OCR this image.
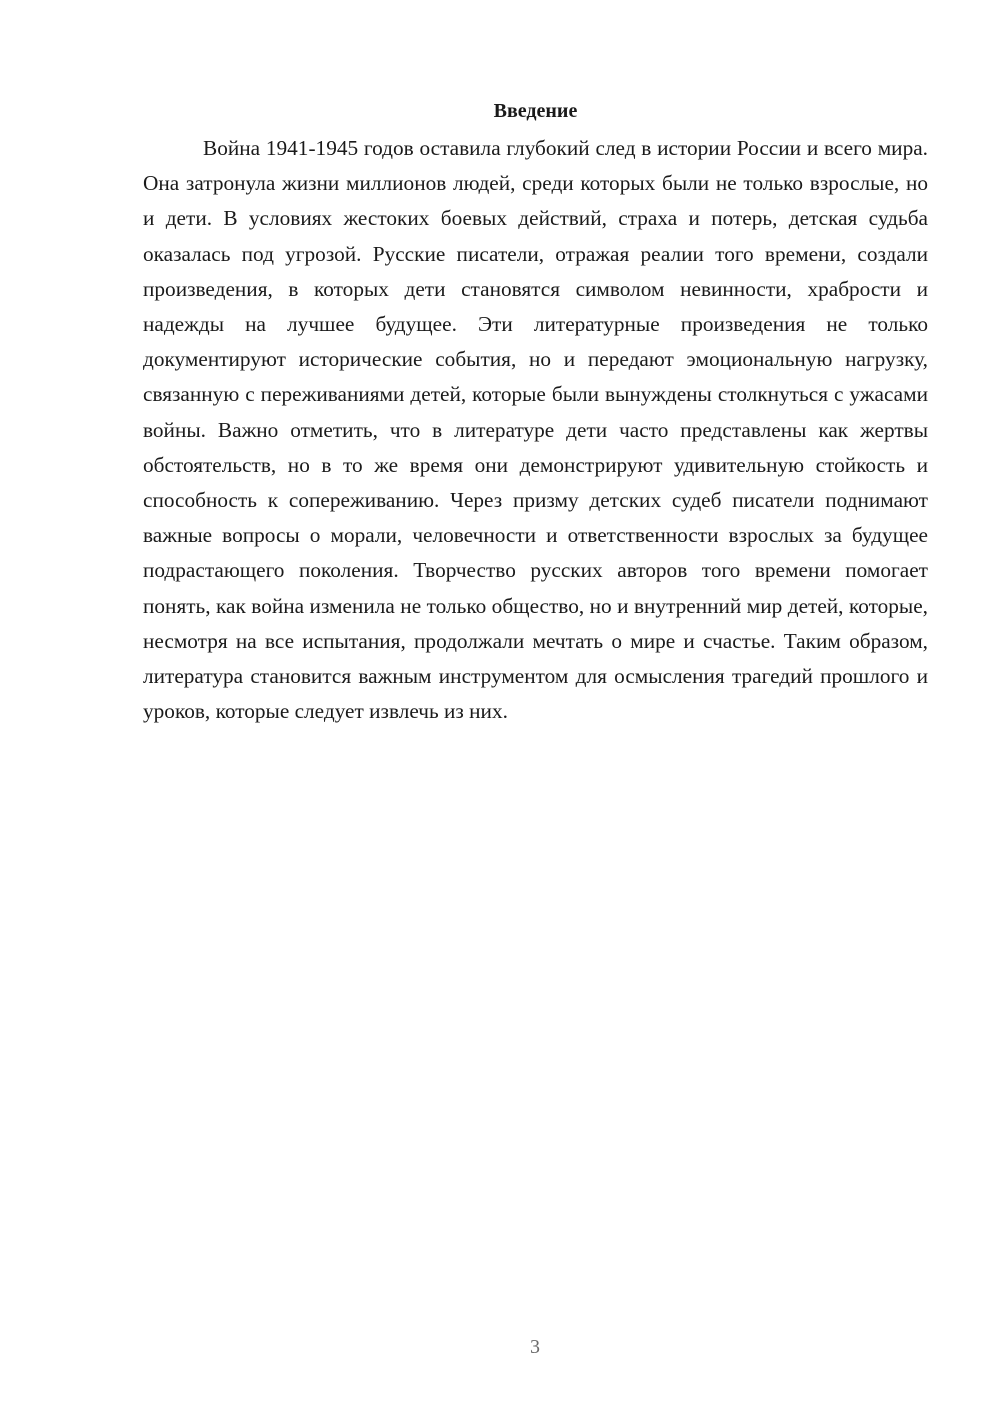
Введение

Война 1941-1945 годов оставила глубокий след в истории России и всего мира. Она затронула жизни миллионов людей, среди которых были не только взрослые, но и дети. В условиях жестоких боевых действий, страха и потерь, детская судьба оказалась под угрозой. Русские писатели, отражая реалии того времени, создали произведения, в которых дети становятся символом невинности, храбрости и надежды на лучшее будущее. Эти литературные произведения не только документируют исторические события, но и передают эмоциональную нагрузку, связанную с переживаниями детей, которые были вынуждены столкнуться с ужасами войны. Важно отметить, что в литературе дети часто представлены как жертвы обстоятельств, но в то же время они демонстрируют удивительную стойкость и способность к сопереживанию. Через призму детских судеб писатели поднимают важные вопросы о морали, человечности и ответственности взрослых за будущее подрастающего поколения. Творчество русских авторов того времени помогает понять, как война изменила не только общество, но и внутренний мир детей, которые, несмотря на все испытания, продолжали мечтать о мире и счастье. Таким образом, литература становится важным инструментом для осмысления трагедий прошлого и уроков, которые следует извлечь из них.

3
